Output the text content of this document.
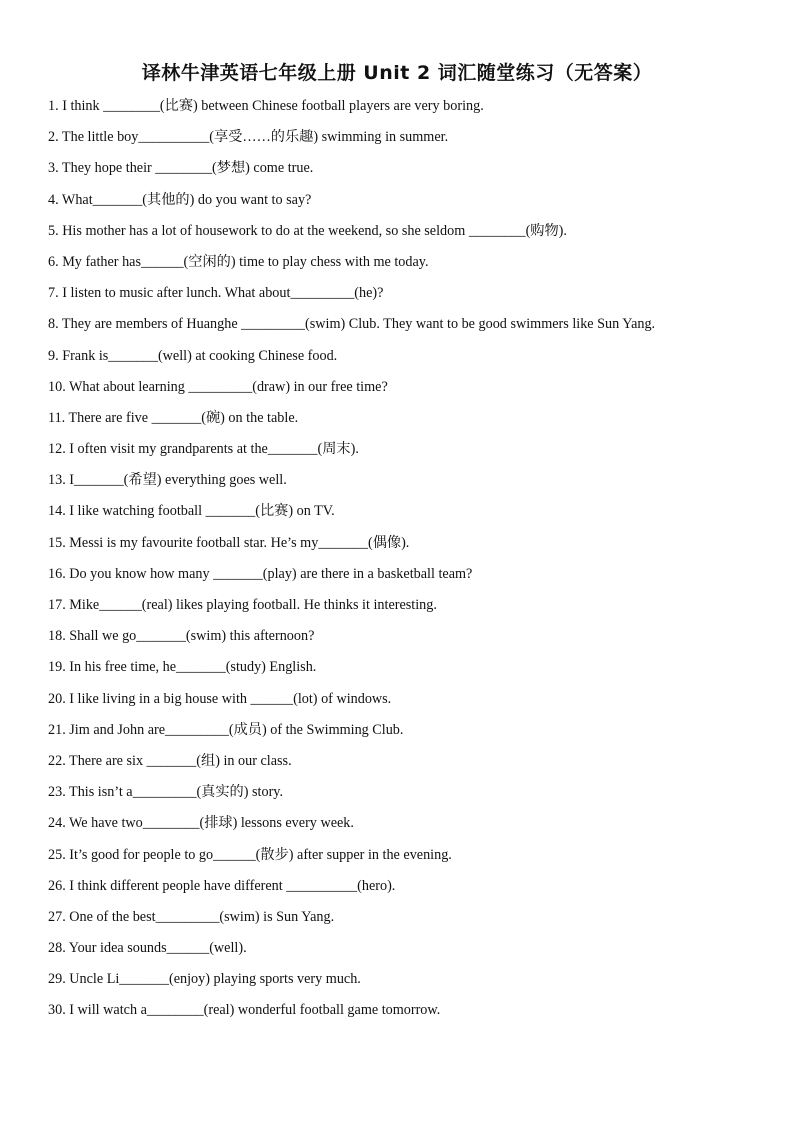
译林牛津英语七年级上册 Unit 2 词汇随堂练习（无答案）
1. I think ________(比赛) between Chinese football players are very boring.
2. The little boy__________(享受……的乐趣) swimming in summer.
3. They hope their ________(梦想) come true.
4. What_______(其他的) do you want to say?
5. His mother has a lot of housework to do at the weekend, so she seldom ________(购物).
6. My father has______(空闲的) time to play chess with me today.
7. I listen to music after lunch. What about_________(he)?
8. They are members of Huanghe _________(swim) Club. They want to be good swimmers like Sun Yang.
9. Frank is_______(well) at cooking Chinese food.
10. What about learning _________(draw) in our free time?
11. There are five _______(碗) on the table.
12. I often visit my grandparents at the_______(周末).
13. I_______(希望) everything goes well.
14. I like watching football _______(比赛) on TV.
15. Messi is my favourite football star. He’s my_______(偶像).
16. Do you know how many _______(play) are there in a basketball team?
17. Mike______(real) likes playing football. He thinks it interesting.
18. Shall we go_______(swim) this afternoon?
19. In his free time, he_______(study) English.
20. I like living in a big house with ______(lot) of windows.
21. Jim and John are_________(成员) of the Swimming Club.
22. There are six _______(组) in our class.
23. This isn’t a_________(真实的) story.
24. We have two________(排球) lessons every week.
25. It’s good for people to go______(散步) after supper in the evening.
26. I think different people have different __________(hero).
27. One of the best_________(swim) is Sun Yang.
28. Your idea sounds______(well).
29. Uncle Li_______(enjoy) playing sports very much.
30. I will watch a________(real) wonderful football game tomorrow.
